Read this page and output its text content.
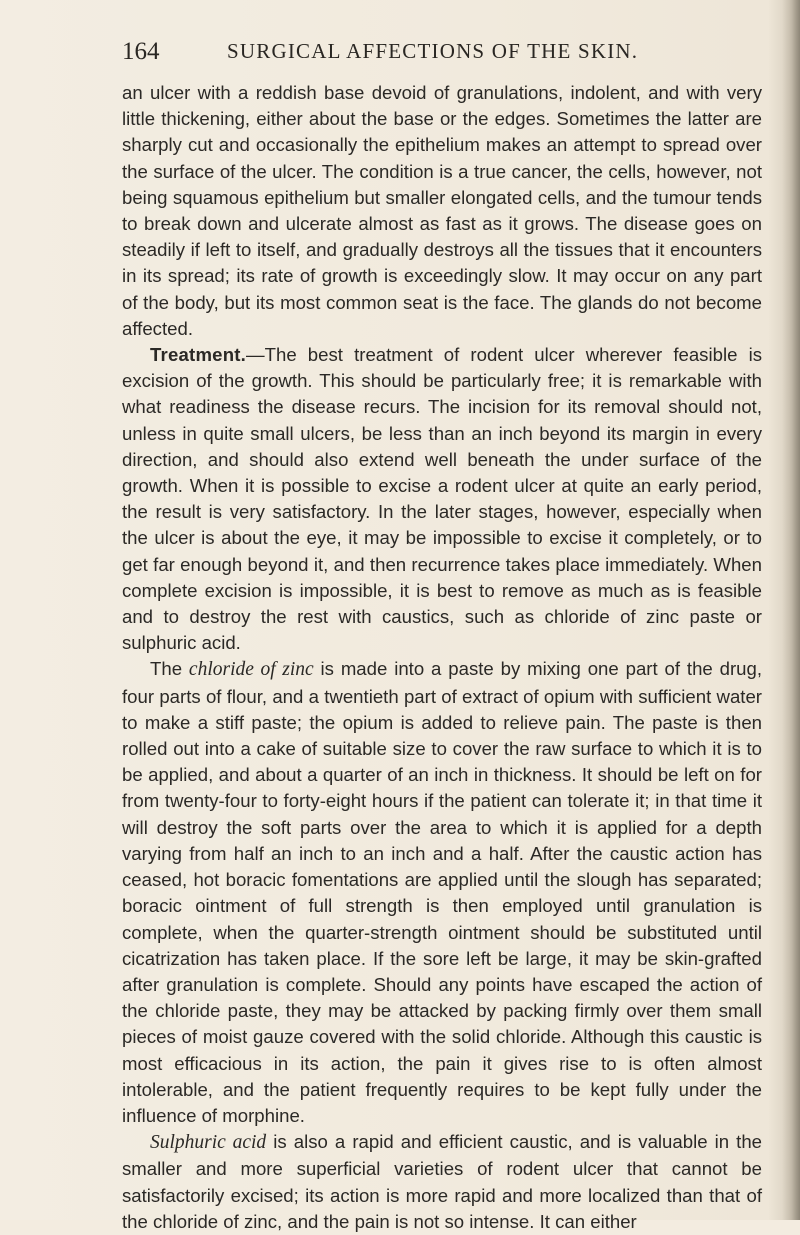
164	SURGICAL AFFECTIONS OF THE SKIN.

an ulcer with a reddish base devoid of granulations, indolent, and with very little thickening, either about the base or the edges. Sometimes the latter are sharply cut and occasionally the epithelium makes an attempt to spread over the surface of the ulcer. The condition is a true cancer, the cells, however, not being squamous epithelium but smaller elongated cells, and the tumour tends to break down and ulcerate almost as fast as it grows. The disease goes on steadily if left to itself, and gradually destroys all the tissues that it encounters in its spread; its rate of growth is exceedingly slow. It may occur on any part of the body, but its most common seat is the face. The glands do not become affected.

Treatment.—The best treatment of rodent ulcer wherever feasible is excision of the growth. This should be particularly free; it is remarkable with what readiness the disease recurs. The incision for its removal should not, unless in quite small ulcers, be less than an inch beyond its margin in every direction, and should also extend well beneath the under surface of the growth. When it is possible to excise a rodent ulcer at quite an early period, the result is very satisfactory. In the later stages, however, especially when the ulcer is about the eye, it may be impossible to excise it completely, or to get far enough beyond it, and then recurrence takes place immediately. When complete excision is impossible, it is best to remove as much as is feasible and to destroy the rest with caustics, such as chloride of zinc paste or sulphuric acid.

The chloride of zinc is made into a paste by mixing one part of the drug, four parts of flour, and a twentieth part of extract of opium with sufficient water to make a stiff paste; the opium is added to relieve pain. The paste is then rolled out into a cake of suitable size to cover the raw surface to which it is to be applied, and about a quarter of an inch in thickness. It should be left on for from twenty-four to forty-eight hours if the patient can tolerate it; in that time it will destroy the soft parts over the area to which it is applied for a depth varying from half an inch to an inch and a half. After the caustic action has ceased, hot boracic fomentations are applied until the slough has separated; boracic ointment of full strength is then employed until granulation is complete, when the quarter-strength ointment should be substituted until cicatrization has taken place. If the sore left be large, it may be skin-grafted after granulation is complete. Should any points have escaped the action of the chloride paste, they may be attacked by packing firmly over them small pieces of moist gauze covered with the solid chloride. Although this caustic is most efficacious in its action, the pain it gives rise to is often almost intolerable, and the patient frequently requires to be kept fully under the influence of morphine.

Sulphuric acid is also a rapid and efficient caustic, and is valuable in the smaller and more superficial varieties of rodent ulcer that cannot be satisfactorily excised; its action is more rapid and more localized than that of the chloride of zinc, and the pain is not so intense. It can either
